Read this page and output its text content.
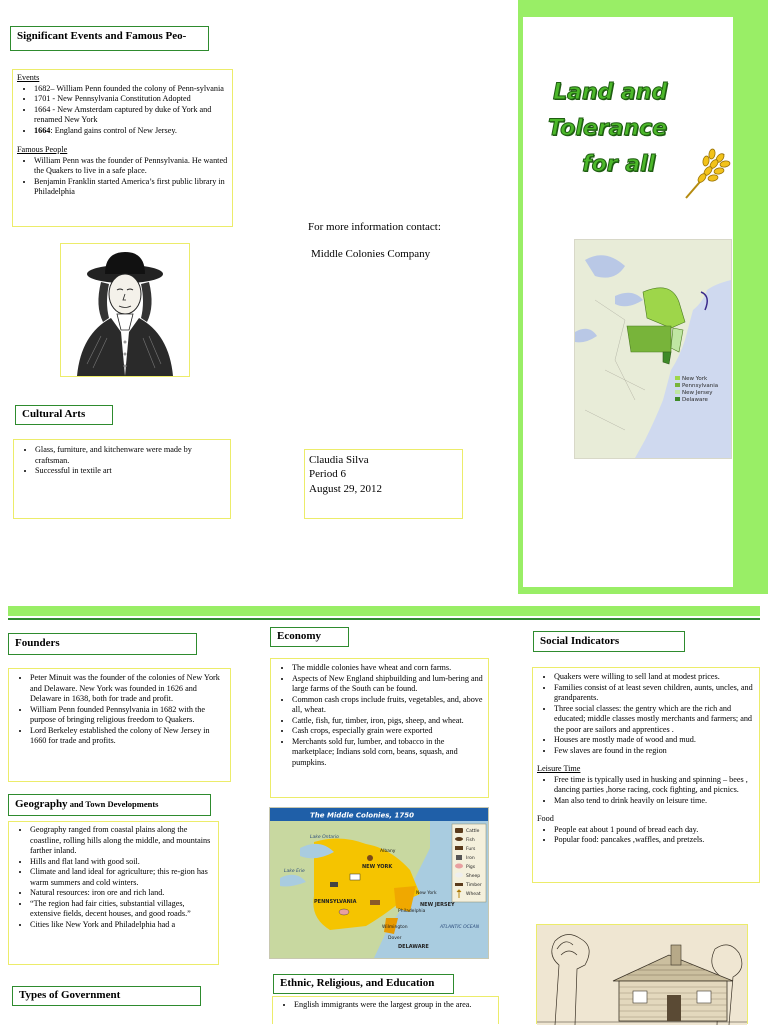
Significant Events and Famous Peo-
Events
• 1682– William Penn founded the colony of Penn-sylvania
• 1701 - New Pennsylvania Constitution Adopted
• 1664 - New Amsterdam captured by duke of York and renamed New York
• 1664: England gains control of New Jersey.
Famous People
• William Penn was the founder of Pennsylvania. He wanted the Quakers to live in a safe place.
• Benjamin Franklin started America’s first public library in Philadelphia
Cultural Arts
• Glass, furniture, and kitchenware were made by craftsman.
• Successful in textile art
For more information contact:
Middle Colonies Company
Claudia Silva
Period 6
August 29, 2012
Land and
Tolerance
for all
New York
Pennsylvania
New Jersey
Delaware
Founders
• Peter Minuit was the founder of the colonies of New York and Delaware. New York was founded in 1626 and Delaware in 1638, both for trade and profit.
• William Penn founded Pennsylvania in 1682 with the purpose of bringing religious freedom to Quakers.
• Lord Berkeley established the colony of New Jersey in 1660 for trade and profits.
Geography and Town Developments
• Geography ranged from coastal plains along the coastline, rolling hills along the middle, and mountains farther inland.
• Hills and flat land with good soil.
• Climate and land ideal for agriculture; this re-gion has warm summers and cold winters.
• Natural resources: iron ore and rich land.
• “The region had fair cities, substantial villages, extensive fields, decent houses, and good roads.”
• Cities like New York and Philadelphia had a
Types of Government
Economy
• The middle colonies have wheat and corn farms.
• Aspects of New England shipbuilding and lum-bering and large farms of the South can be found.
• Common cash crops include fruits, vegetables, and, above all, wheat.
• Cattle, fish, fur, timber, iron, pigs, sheep, and wheat.
• Cash crops, especially grain were exported
• Merchants sold fur, lumber, and tobacco in the marketplace; Indians sold corn, beans, squash, and pumpkins.
The Middle Colonies, 1750
Cattle
Fish
Furs
Iron
Pigs
Sheep
Timber
Wheat
NEW YORK
PENNSYLVANIA	NEW JERSEY
DELAWARE
ATLANTIC OCEAN
Albany
New York
Philadelphia
Wilmington
Dover
Lake Ontario
Lake Erie
Ethnic, Religious, and Education
• English immigrants were the largest group in the area.
Social Indicators
• Quakers were willing to sell land at modest prices.
• Families consist of at least seven children, aunts, uncles, and grandparents.
• Three social classes: the gentry which are the rich and educated; middle classes mostly merchants and farmers; and the poor are sailors and apprentices .
• Houses are mostly made of wood and mud.
• Few slaves are found in the region
Leisure Time
• Free time is typically used in husking and spinning – bees , dancing parties ,horse racing, cock fighting, and picnics.
• Man also tend to drink heavily on leisure time.
Food
• People eat about 1 pound of bread each day.
• Popular food: pancakes ,waffles, and pretzels.
